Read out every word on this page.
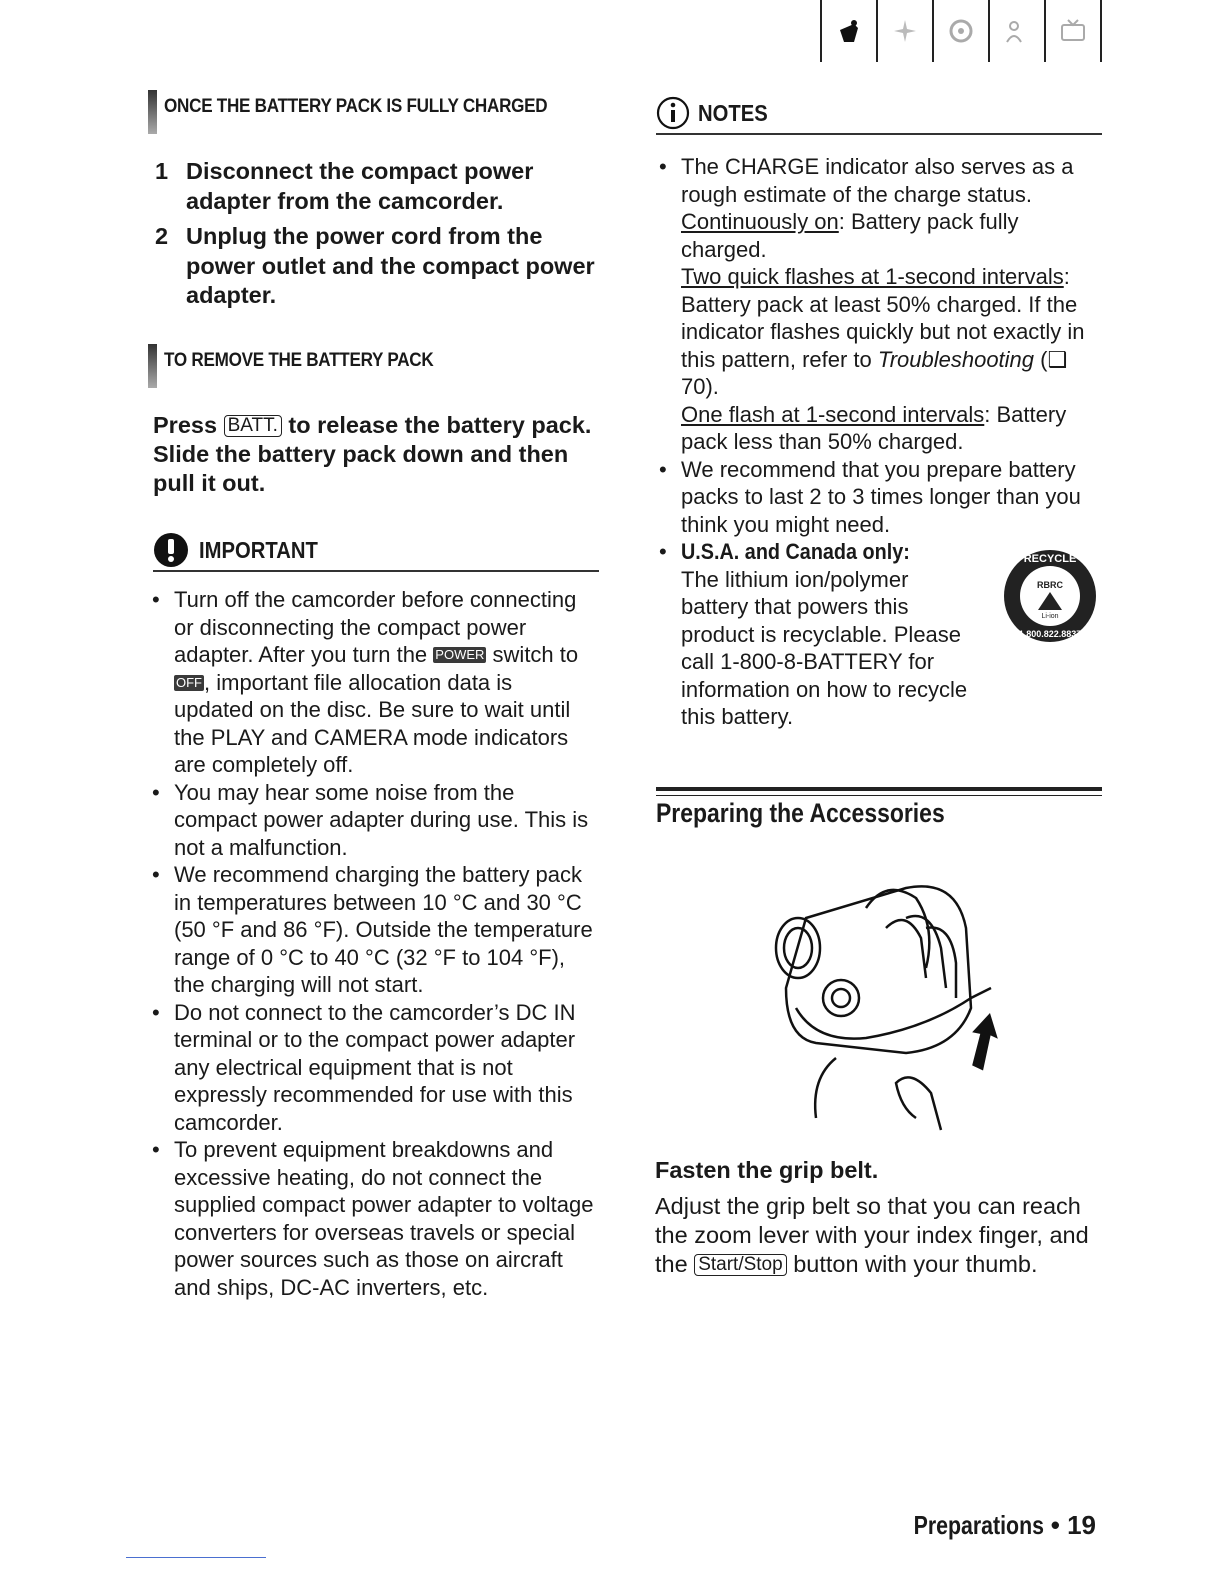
ONCE THE BATTERY PACK IS FULLY CHARGED
1 Disconnect the compact power adapter from the camcorder.
2 Unplug the power cord from the power outlet and the compact power adapter.
TO REMOVE THE BATTERY PACK
Press BATT. to release the battery pack. Slide the battery pack down and then pull it out.
IMPORTANT
• Turn off the camcorder before connecting or disconnecting the compact power adapter. After you turn the POWER switch to OFF, important file allocation data is updated on the disc. Be sure to wait until the PLAY and CAMERA mode indicators are completely off.
• You may hear some noise from the compact power adapter during use. This is not a malfunction.
• We recommend charging the battery pack in temperatures between 10 °C and 30 °C (50 °F and 86 °F). Outside the temperature range of 0 °C to 40 °C (32 °F to 104 °F), the charging will not start.
• Do not connect to the camcorder’s DC IN terminal or to the compact power adapter any electrical equipment that is not expressly recommended for use with this camcorder.
• To prevent equipment breakdowns and excessive heating, do not connect the supplied compact power adapter to voltage converters for overseas travels or special power sources such as those on aircraft and ships, DC-AC inverters, etc.
NOTES
• The CHARGE indicator also serves as a rough estimate of the charge status.
Continuously on: Battery pack fully charged.
Two quick flashes at 1-second intervals: Battery pack at least 50% charged. If the indicator flashes quickly but not exactly in this pattern, refer to Troubleshooting (❑ 70).
One flash at 1-second intervals: Battery pack less than 50% charged.
• We recommend that you prepare battery packs to last 2 to 3 times longer than you think you might need.
• U.S.A. and Canada only: The lithium ion/polymer battery that powers this product is recyclable. Please call 1-800-8-BATTERY for information on how to recycle this battery.
RBRC
Li-ion
RECYCLE
1.800.822.8837
Preparing the Accessories
Fasten the grip belt.
Adjust the grip belt so that you can reach the zoom lever with your index finger, and the Start/Stop button with your thumb.
Preparations • 19
